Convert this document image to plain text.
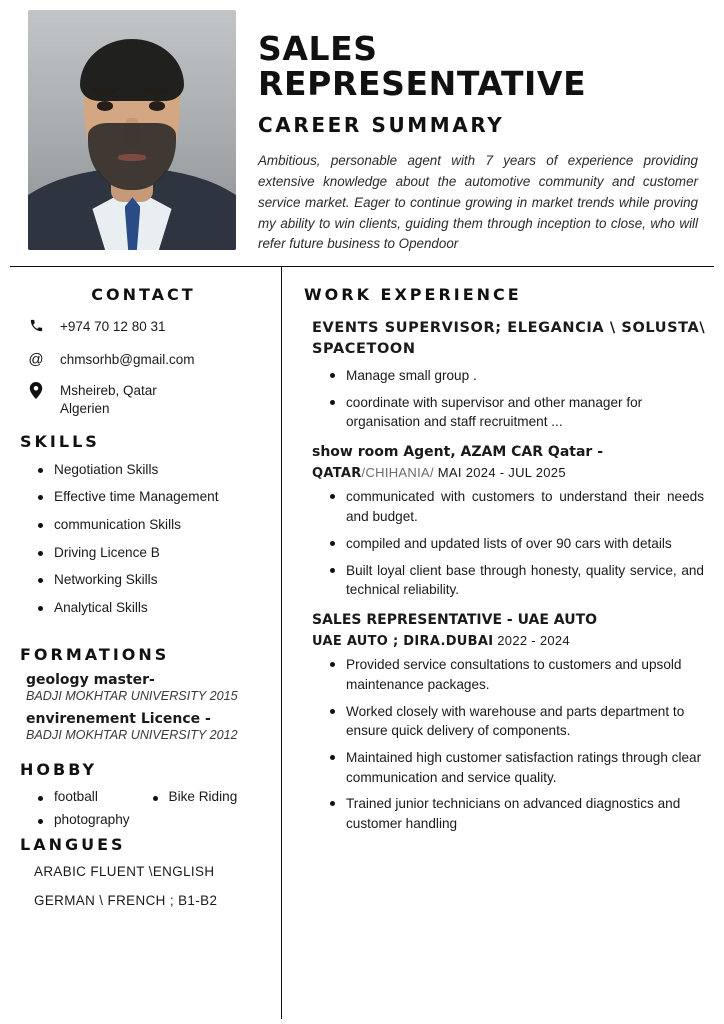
SALES REPRESENTATIVE
CAREER SUMMARY
Ambitious, personable agent with 7 years of experience providing extensive knowledge about the automotive community and customer service market. Eager to continue growing in market trends while proving my ability to win clients, guiding them through inception to close, who will refer future business to Opendoor
CONTACT
+974 70 12 80 31
@ chmsorhb@gmail.com
Msheireb, Qatar
Algerien
SKILLS
Negotiation Skills
Effective time Management
communication Skills
Driving Licence B
Networking Skills
Analytical Skills
FORMATIONS
geology master-
BADJI MOKHTAR UNIVERSITY 2015
envirenement Licence -
BADJI MOKHTAR UNIVERSITY 2012
HOBBY
football	Bike Riding
photography
LANGUES
ARABIC FLUENT \ENGLISH
GERMAN \ FRENCH ; B1-B2
WORK EXPERIENCE
EVENTS SUPERVISOR; ELEGANCIA \ SOLUSTA\ SPACETOON
Manage small group .
coordinate with supervisor and other manager for organisation and staff recruitment ...
show room Agent, AZAM CAR Qatar -
QATAR/CHIHANIA/ MAI 2024 - JUL 2025
communicated with customers to understand their needs and budget.
compiled and updated lists of over 90 cars with details
Built loyal client base through honesty, quality service, and technical reliability.
SALES REPRESENTATIVE - UAE AUTO
UAE AUTO ; DIRA.DUBAI 2022 - 2024
Provided service consultations to customers and upsold maintenance packages.
Worked closely with warehouse and parts department to ensure quick delivery of components.
Maintained high customer satisfaction ratings through clear communication and service quality.
Trained junior technicians on advanced diagnostics and customer handling
